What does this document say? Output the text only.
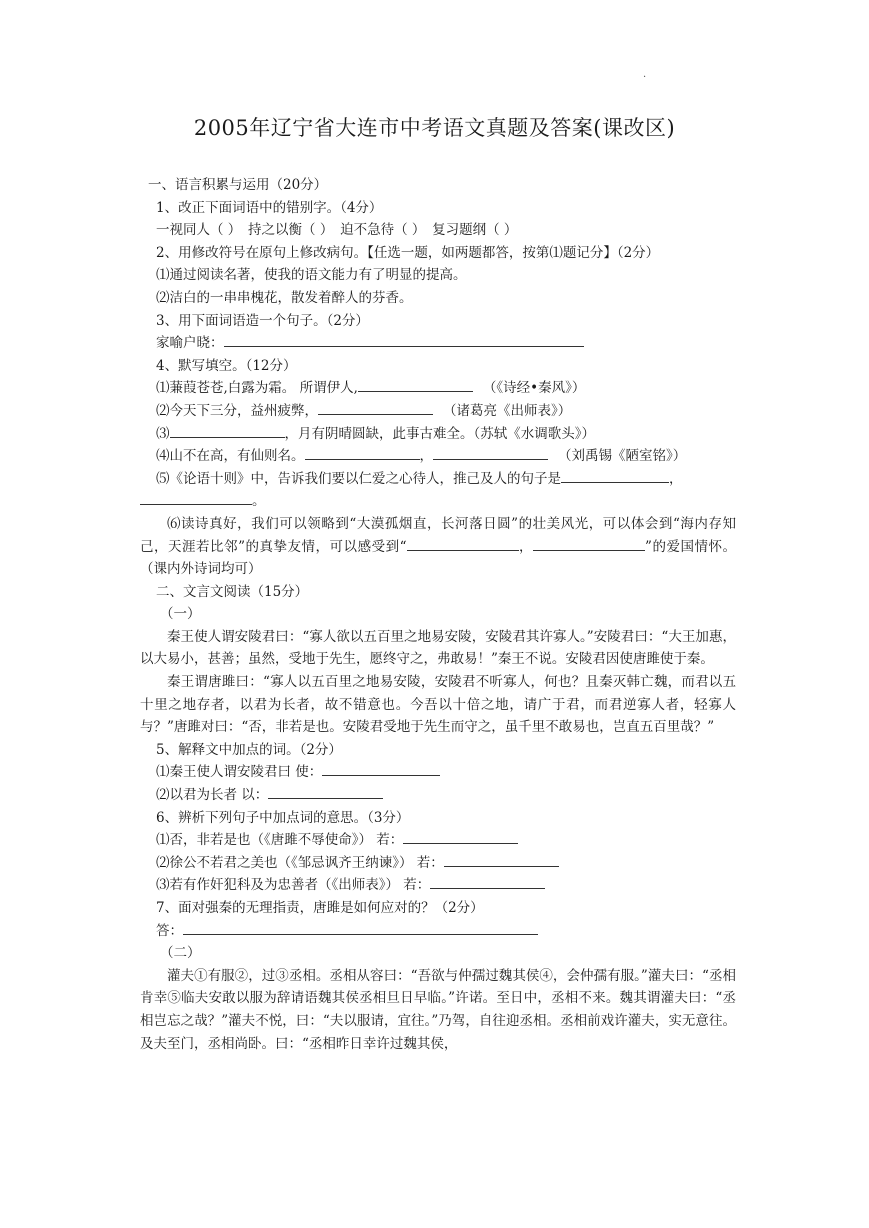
·
2005年辽宁省大连市中考语文真题及答案(课改区)
一、语言积累与运用（20分）
1、改正下面词语中的错别字。（4分）
一视同人（ ）　持之以衡（ ）　迫不急待（ ）　复习题纲（ ）
2、用修改符号在原句上修改病句。【任选一题，如两题都答，按第⑴题记分】（2分）
⑴通过阅读名著，使我的语文能力有了明显的提高。
⑵洁白的一串串槐花，散发着醉人的芬香。
3、用下面词语造一个句子。（2分）
家喻户晓：
4、默写填空。（12分）
⑴蒹葭苍苍,白露为霜。 所谓伊人,	（《诗经•秦风》）
⑵今天下三分，益州疲弊，	（诸葛亮《出师表》）
⑶	，月有阴晴圆缺，此事古难全。（苏轼《水调歌头》）
⑷山不在高，有仙则名。	，	（刘禹锡《陋室铭》）
⑸《论语十则》中，告诉我们要以仁爱之心待人，推己及人的句子是	，
。
⑹读诗真好，我们可以领略到“大漠孤烟直，长河落日圆”的壮美风光，可以体会到“海内存知己，天涯若比邻”的真挚友情，可以感受到“	，	”的爱国情怀。（课内外诗词均可）
二、文言文阅读（15分）
（一）
秦王使人谓安陵君曰：“寡人欲以五百里之地易安陵，安陵君其许寡人。”安陵君曰：“大王加惠，以大易小，甚善；虽然，受地于先生，愿终守之，弗敢易！”秦王不说。安陵君因使唐雎使于秦。
秦王谓唐雎曰：“寡人以五百里之地易安陵，安陵君不听寡人，何也？且秦灭韩亡魏，而君以五十里之地存者，以君为长者，故不错意也。今吾以十倍之地，请广于君，而君逆寡人者，轻寡人与？”唐雎对曰：“否，非若是也。安陵君受地于先生而守之，虽千里不敢易也，岂直五百里哉？”
5、解释文中加点的词。（2分）
⑴秦王使人谓安陵君曰 使：
⑵以君为长者 以：
6、辨析下列句子中加点词的意思。（3分）
⑴否，非若是也（《唐雎不辱使命》） 若：
⑵徐公不若君之美也（《邹忌讽齐王纳谏》） 若：
⑶若有作奸犯科及为忠善者（《出师表》） 若：
7、面对强秦的无理指责，唐雎是如何应对的？（2分）
答：
（二）
灌夫①有服②，过③丞相。丞相从容曰：“吾欲与仲孺过魏其侯④，会仲孺有服。”灌夫曰：“丞相肯幸⑤临夫安敢以服为辞请语魏其侯丞相旦日早临。”许诺。至日中，丞相不来。魏其谓灌夫曰：“丞相岂忘之哉？”灌夫不悦，曰：“夫以服请，宜往。”乃驾，自往迎丞相。丞相前戏许灌夫，实无意往。及夫至门，丞相尚卧。曰：“丞相昨日幸许过魏其侯，
